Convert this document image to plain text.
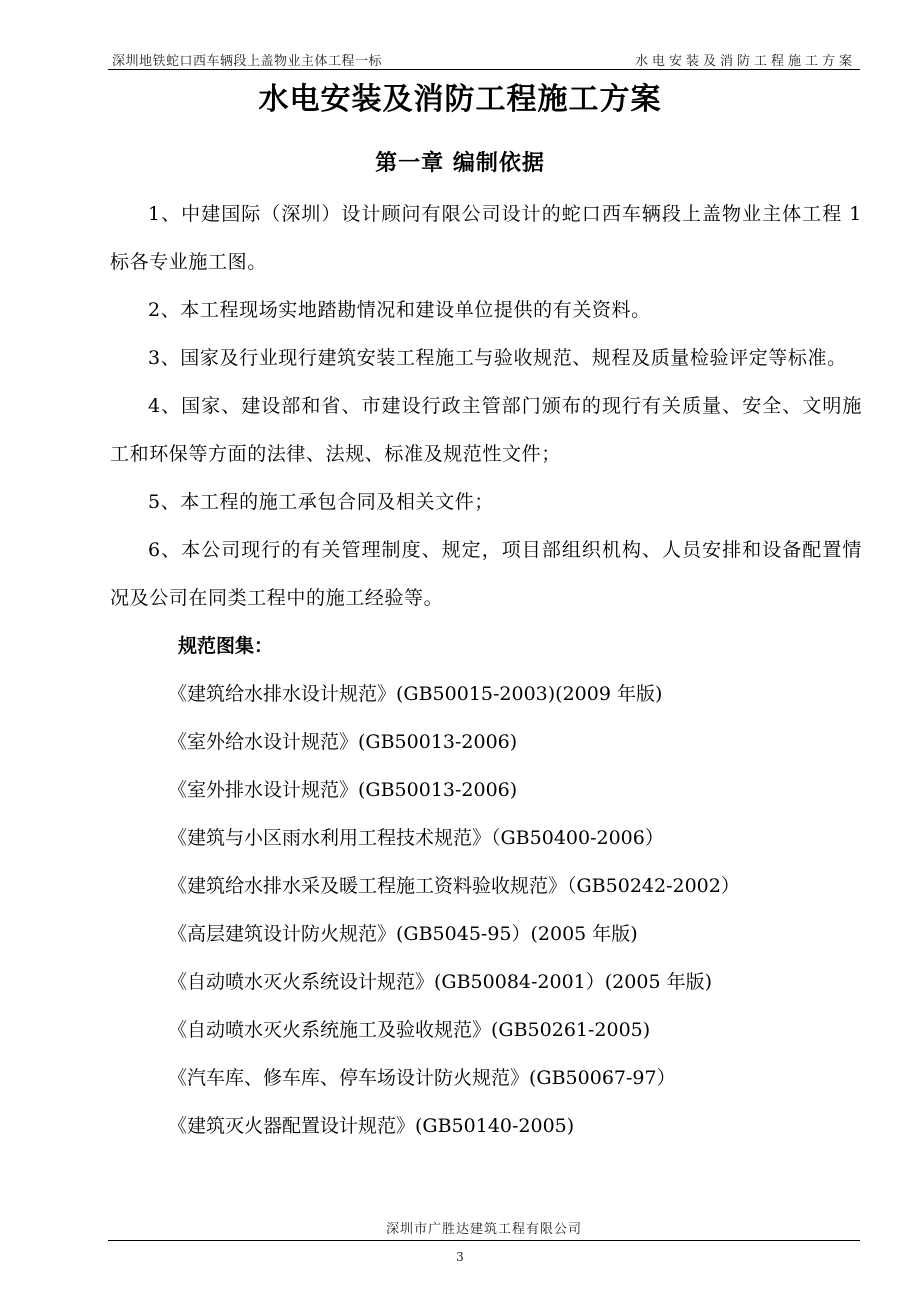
深圳地铁蛇口西车辆段上盖物业主体工程一标	水电安装及消防工程施工方案
水电安装及消防工程施工方案
第一章 编制依据

1、中建国际（深圳）设计顾问有限公司设计的蛇口西车辆段上盖物业主体工程 1 标各专业施工图。

2、本工程现场实地踏勘情况和建设单位提供的有关资料。

3、国家及行业现行建筑安装工程施工与验收规范、规程及质量检验评定等标准。

4、国家、建设部和省、市建设行政主管部门颁布的现行有关质量、安全、文明施工和环保等方面的法律、法规、标准及规范性文件；

5、本工程的施工承包合同及相关文件；

6、本公司现行的有关管理制度、规定，项目部组织机构、人员安排和设备配置情况及公司在同类工程中的施工经验等。

规范图集：

《建筑给水排水设计规范》(GB50015-2003)(2009 年版)

《室外给水设计规范》(GB50013-2006)

《室外排水设计规范》(GB50013-2006)

《建筑与小区雨水利用工程技术规范》（GB50400-2006）

《建筑给水排水采及暖工程施工资料验收规范》（GB50242-2002）

《高层建筑设计防火规范》(GB5045-95）(2005 年版)

《自动喷水灭火系统设计规范》(GB50084-2001）(2005 年版)

《自动喷水灭火系统施工及验收规范》(GB50261-2005)

《汽车库、修车库、停车场设计防火规范》(GB50067-97）

《建筑灭火器配置设计规范》(GB50140-2005)

深圳市广胜达建筑工程有限公司
3
